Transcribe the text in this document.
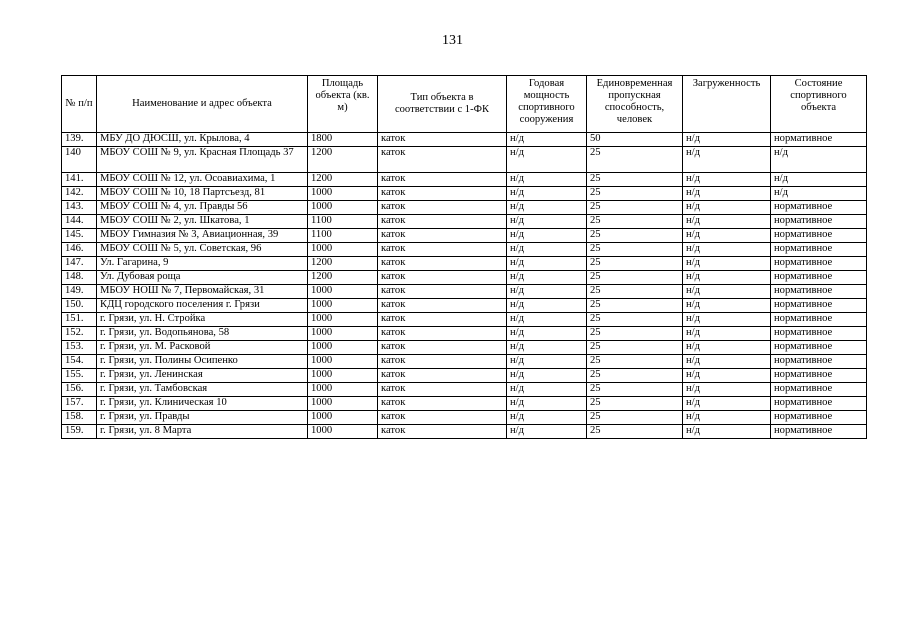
131
№ п/п	Наименование и адрес объекта	Площадь объекта (кв. м)	Тип объекта в соответствии с 1-ФК	Годовая мощность спортивного сооружения	Единовременная пропускная способность, человек	Загруженность	Состояние спортивного объекта
139.	МБУ ДО ДЮСШ, ул. Крылова, 4	1800	каток	н/д	50	н/д	нормативное
140	МБОУ СОШ № 9, ул. Красная Площадь 37	1200	каток	н/д	25	н/д	н/д
141.	МБОУ СОШ № 12, ул. Осоавиахима, 1	1200	каток	н/д	25	н/д	н/д
142.	МБОУ СОШ № 10, 18 Партсъезд, 81	1000	каток	н/д	25	н/д	н/д
143.	МБОУ СОШ № 4, ул. Правды 56	1000	каток	н/д	25	н/д	нормативное
144.	МБОУ СОШ № 2, ул. Шкатова, 1	1100	каток	н/д	25	н/д	нормативное
145.	МБОУ Гимназия № 3, Авиационная, 39	1100	каток	н/д	25	н/д	нормативное
146.	МБОУ СОШ № 5, ул. Советская, 96	1000	каток	н/д	25	н/д	нормативное
147.	Ул. Гагарина, 9	1200	каток	н/д	25	н/д	нормативное
148.	Ул. Дубовая роща	1200	каток	н/д	25	н/д	нормативное
149.	МБОУ НОШ № 7, Первомайская, 31	1000	каток	н/д	25	н/д	нормативное
150.	КДЦ городского поселения г. Грязи	1000	каток	н/д	25	н/д	нормативное
151.	г. Грязи, ул. Н. Стройка	1000	каток	н/д	25	н/д	нормативное
152.	г. Грязи, ул. Водопьянова, 58	1000	каток	н/д	25	н/д	нормативное
153.	г. Грязи, ул. М. Расковой	1000	каток	н/д	25	н/д	нормативное
154.	г. Грязи, ул. Полины Осипенко	1000	каток	н/д	25	н/д	нормативное
155.	г. Грязи, ул. Ленинская	1000	каток	н/д	25	н/д	нормативное
156.	г. Грязи, ул. Тамбовская	1000	каток	н/д	25	н/д	нормативное
157.	г. Грязи, ул. Клиническая 10	1000	каток	н/д	25	н/д	нормативное
158.	г. Грязи, ул. Правды	1000	каток	н/д	25	н/д	нормативное
159.	г. Грязи, ул. 8 Марта	1000	каток	н/д	25	н/д	нормативное
